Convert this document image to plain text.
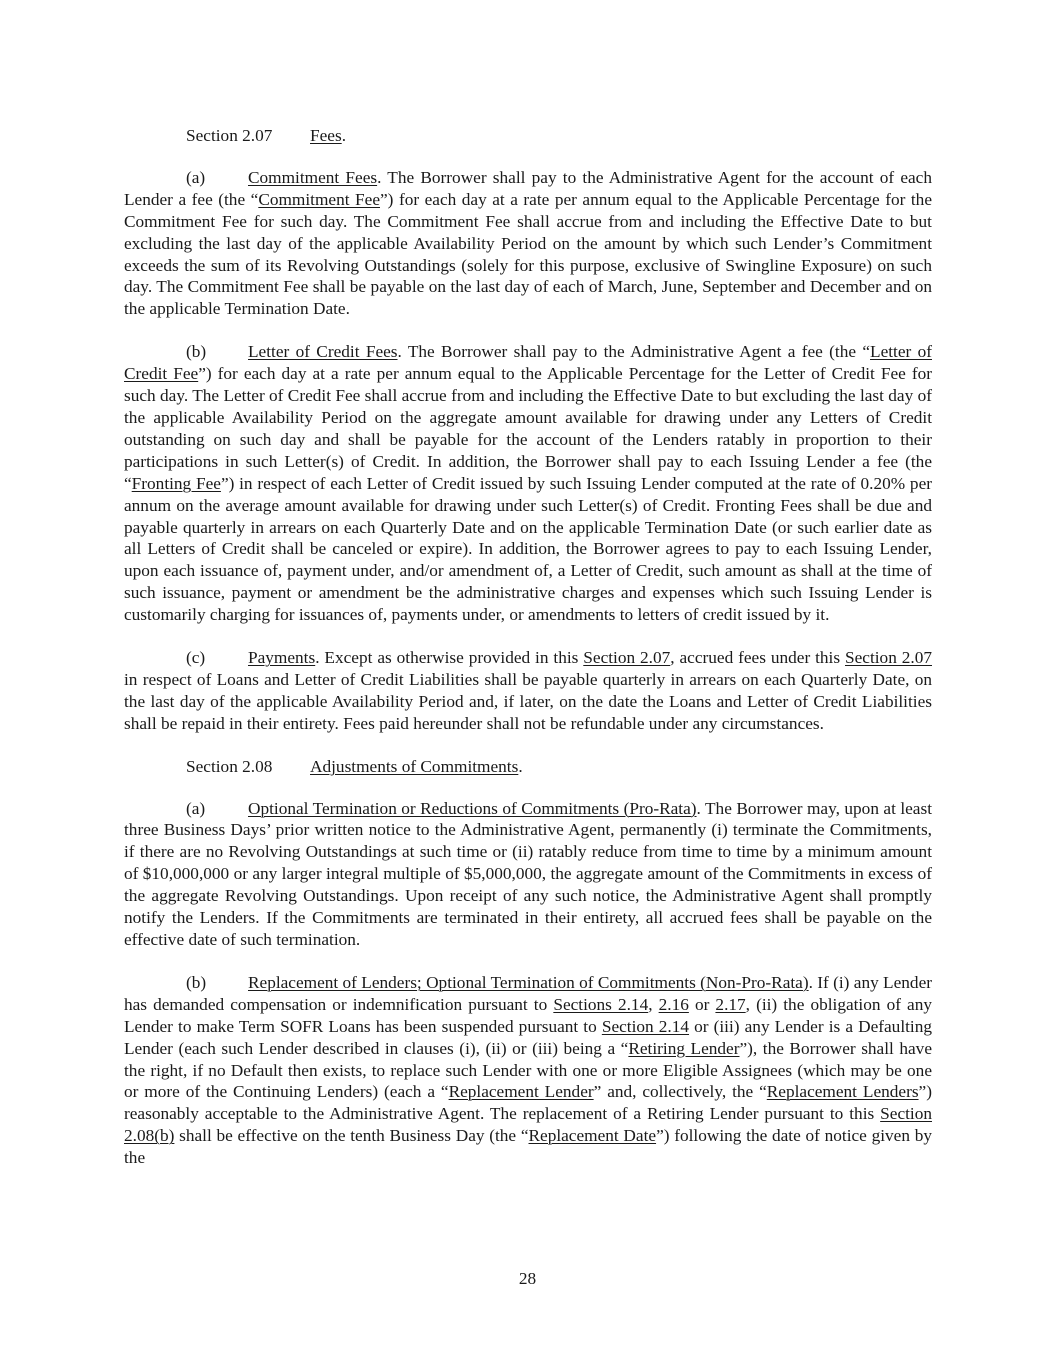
Section 2.07 Fees.

(a) Commitment Fees. The Borrower shall pay to the Administrative Agent for the account of each Lender a fee (the “Commitment Fee”) for each day at a rate per annum equal to the Applicable Percentage for the Commitment Fee for such day. The Commitment Fee shall accrue from and including the Effective Date to but excluding the last day of the applicable Availability Period on the amount by which such Lender’s Commitment exceeds the sum of its Revolving Outstandings (solely for this purpose, exclusive of Swingline Exposure) on such day. The Commitment Fee shall be payable on the last day of each of March, June, September and December and on the applicable Termination Date.

(b) Letter of Credit Fees. The Borrower shall pay to the Administrative Agent a fee (the “Letter of Credit Fee”) for each day at a rate per annum equal to the Applicable Percentage for the Letter of Credit Fee for such day. The Letter of Credit Fee shall accrue from and including the Effective Date to but excluding the last day of the applicable Availability Period on the aggregate amount available for drawing under any Letters of Credit outstanding on such day and shall be payable for the account of the Lenders ratably in proportion to their participations in such Letter(s) of Credit. In addition, the Borrower shall pay to each Issuing Lender a fee (the “Fronting Fee”) in respect of each Letter of Credit issued by such Issuing Lender computed at the rate of 0.20% per annum on the average amount available for drawing under such Letter(s) of Credit. Fronting Fees shall be due and payable quarterly in arrears on each Quarterly Date and on the applicable Termination Date (or such earlier date as all Letters of Credit shall be canceled or expire). In addition, the Borrower agrees to pay to each Issuing Lender, upon each issuance of, payment under, and/or amendment of, a Letter of Credit, such amount as shall at the time of such issuance, payment or amendment be the administrative charges and expenses which such Issuing Lender is customarily charging for issuances of, payments under, or amendments to letters of credit issued by it.

(c) Payments. Except as otherwise provided in this Section 2.07, accrued fees under this Section 2.07 in respect of Loans and Letter of Credit Liabilities shall be payable quarterly in arrears on each Quarterly Date, on the last day of the applicable Availability Period and, if later, on the date the Loans and Letter of Credit Liabilities shall be repaid in their entirety. Fees paid hereunder shall not be refundable under any circumstances.

Section 2.08 Adjustments of Commitments.

(a) Optional Termination or Reductions of Commitments (Pro-Rata). The Borrower may, upon at least three Business Days’ prior written notice to the Administrative Agent, permanently (i) terminate the Commitments, if there are no Revolving Outstandings at such time or (ii) ratably reduce from time to time by a minimum amount of $10,000,000 or any larger integral multiple of $5,000,000, the aggregate amount of the Commitments in excess of the aggregate Revolving Outstandings. Upon receipt of any such notice, the Administrative Agent shall promptly notify the Lenders. If the Commitments are terminated in their entirety, all accrued fees shall be payable on the effective date of such termination.

(b) Replacement of Lenders; Optional Termination of Commitments (Non-Pro-Rata). If (i) any Lender has demanded compensation or indemnification pursuant to Sections 2.14, 2.16 or 2.17, (ii) the obligation of any Lender to make Term SOFR Loans has been suspended pursuant to Section 2.14 or (iii) any Lender is a Defaulting Lender (each such Lender described in clauses (i), (ii) or (iii) being a “Retiring Lender”), the Borrower shall have the right, if no Default then exists, to replace such Lender with one or more Eligible Assignees (which may be one or more of the Continuing Lenders) (each a “Replacement Lender” and, collectively, the “Replacement Lenders”) reasonably acceptable to the Administrative Agent. The replacement of a Retiring Lender pursuant to this Section 2.08(b) shall be effective on the tenth Business Day (the “Replacement Date”) following the date of notice given by the

28
